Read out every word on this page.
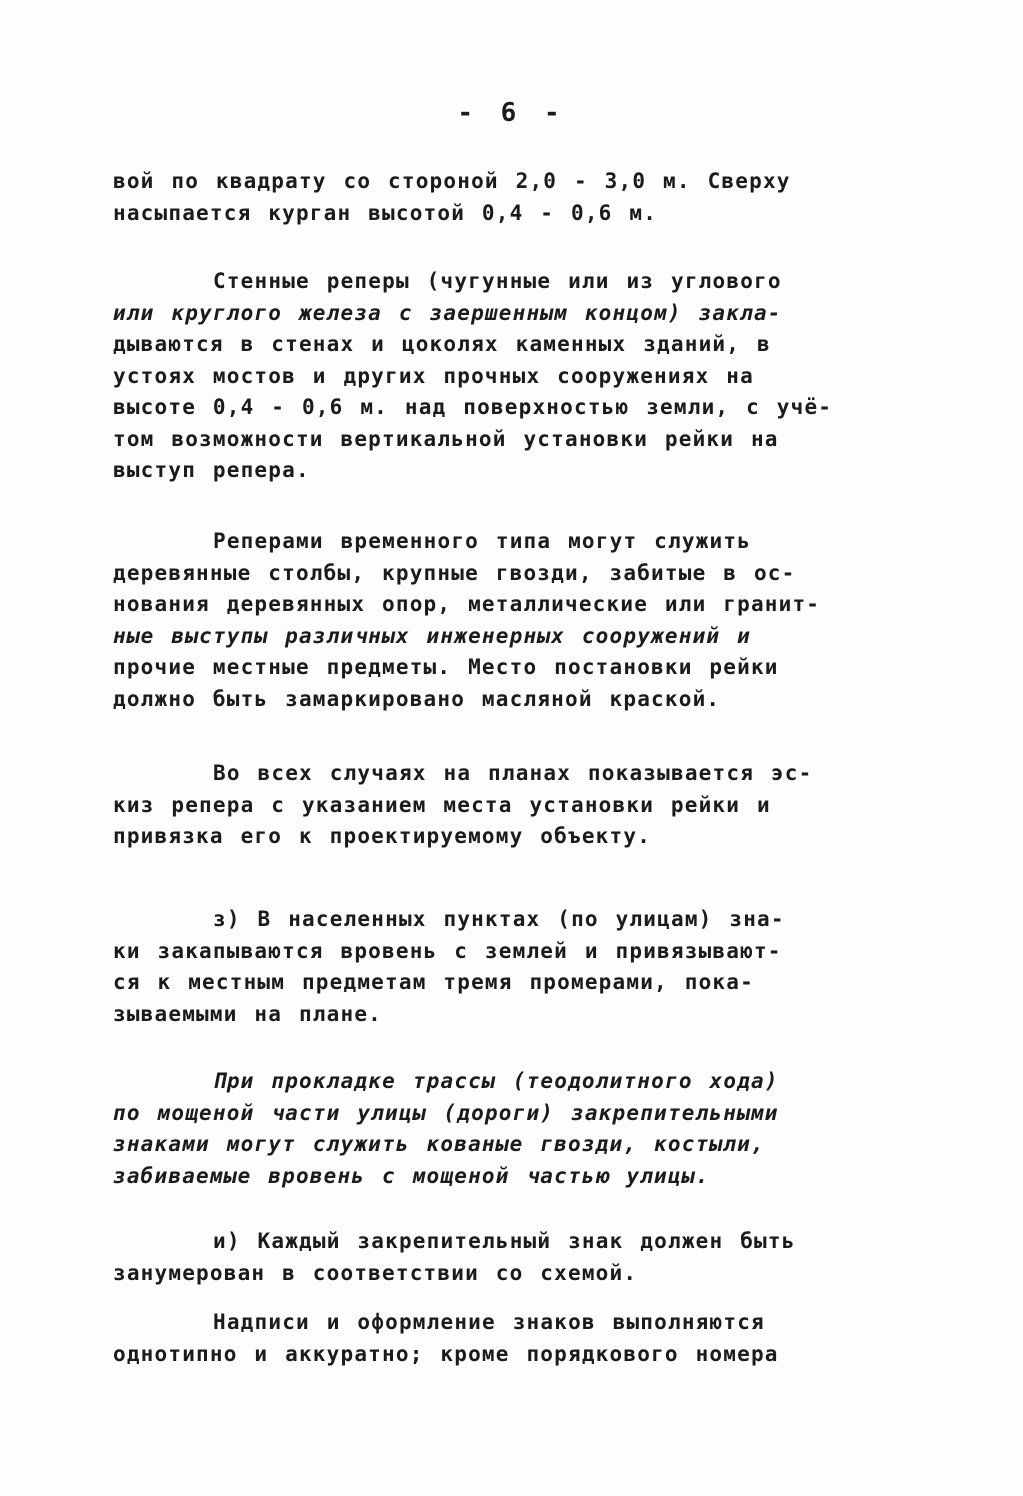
- 6 -

вой по квадрату со стороной 2,0 - 3,0 м. Сверху
насыпается курган высотой 0,4 - 0,6 м.

Стенные реперы (чугунные или из углового
или круглого железа с заершенным концом) закла-
дываются в стенах и цоколях каменных зданий, в
устоях мостов и других прочных сооружениях на
высоте 0,4 - 0,6 м. над поверхностью земли, с учё-
том возможности вертикальной установки рейки на
выступ репера.

Реперами временного типа могут служить
деревянные столбы, крупные гвозди, забитые в ос-
нования деревянных опор, металлические или гранит-
ные выступы различных инженерных сооружений и
прочие местные предметы. Место постановки рейки
должно быть замаркировано масляной краской.

Во всех случаях на планах показывается эс-
киз репера с указанием места установки рейки и
привязка его к проектируемому объекту.

з) В населенных пунктах (по улицам) зна-
ки закапываются вровень с землей и привязывают-
ся к местным предметам тремя промерами, пока-
зываемыми на плане.

При прокладке трассы (теодолитного хода)
по мощеной части улицы (дороги) закрепительными
знаками могут служить кованые гвозди, костыли,
забиваемые вровень с мощеной частью улицы.

и) Каждый закрепительный знак должен быть
занумерован в соответствии со схемой.

Надписи и оформление знаков выполняются
однотипно и аккуратно; кроме порядкового номера
